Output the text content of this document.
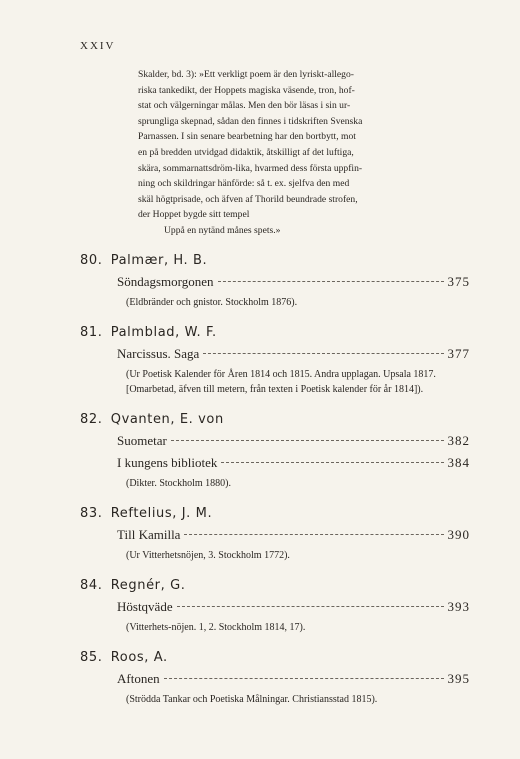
XXIV

Skalder, bd. 3): »Ett verkligt poem är den lyriskt-allego-

riska tankedikt, der Hoppets magiska väsende, tron, hof-

stat och välgerningar målas. Men den bör läsas i sin ur-

sprungliga skepnad, sådan den finnes i tidskriften Svenska

Parnassen. I sin senare bearbetning har den bortbytt, mot

en på bredden utvidgad didaktik, åtskilligt af det luftiga,

skära, sommarnattsdröm-lika, hvarmed dess första uppfin-

ning och skildringar hänförde: så t. ex. sjelfva den med

skäl högtprisade, och äfven af Thorild beundrade strofen,

der Hoppet bygde sitt tempel

Uppå en nytänd månes spets.»

80. Palmær, H. B.
Söndagsmorgonen	375
(Eldbränder och gnistor. Stockholm 1876).
81. Palmblad, W. F.
Narcissus. Saga	377
(Ur Poetisk Kalender för Åren 1814 och 1815. Andra upplagan. Upsala 1817. [Omarbetad, äfven till metern, från texten i Poetisk kalender för år 1814]).
82. Qvanten, E. von
Suometar	382
I kungens bibliotek	384
(Dikter. Stockholm 1880).
83. Reftelius, J. M.
Till Kamilla	390
(Ur Vitterhetsnöjen, 3. Stockholm 1772).
84. Regnér, G.
Höstqväde	393
(Vitterhets-nöjen. 1, 2. Stockholm 1814, 17).
85. Roos, A.
Aftonen	395
(Strödda Tankar och Poetiska Målningar. Christiansstad 1815).
